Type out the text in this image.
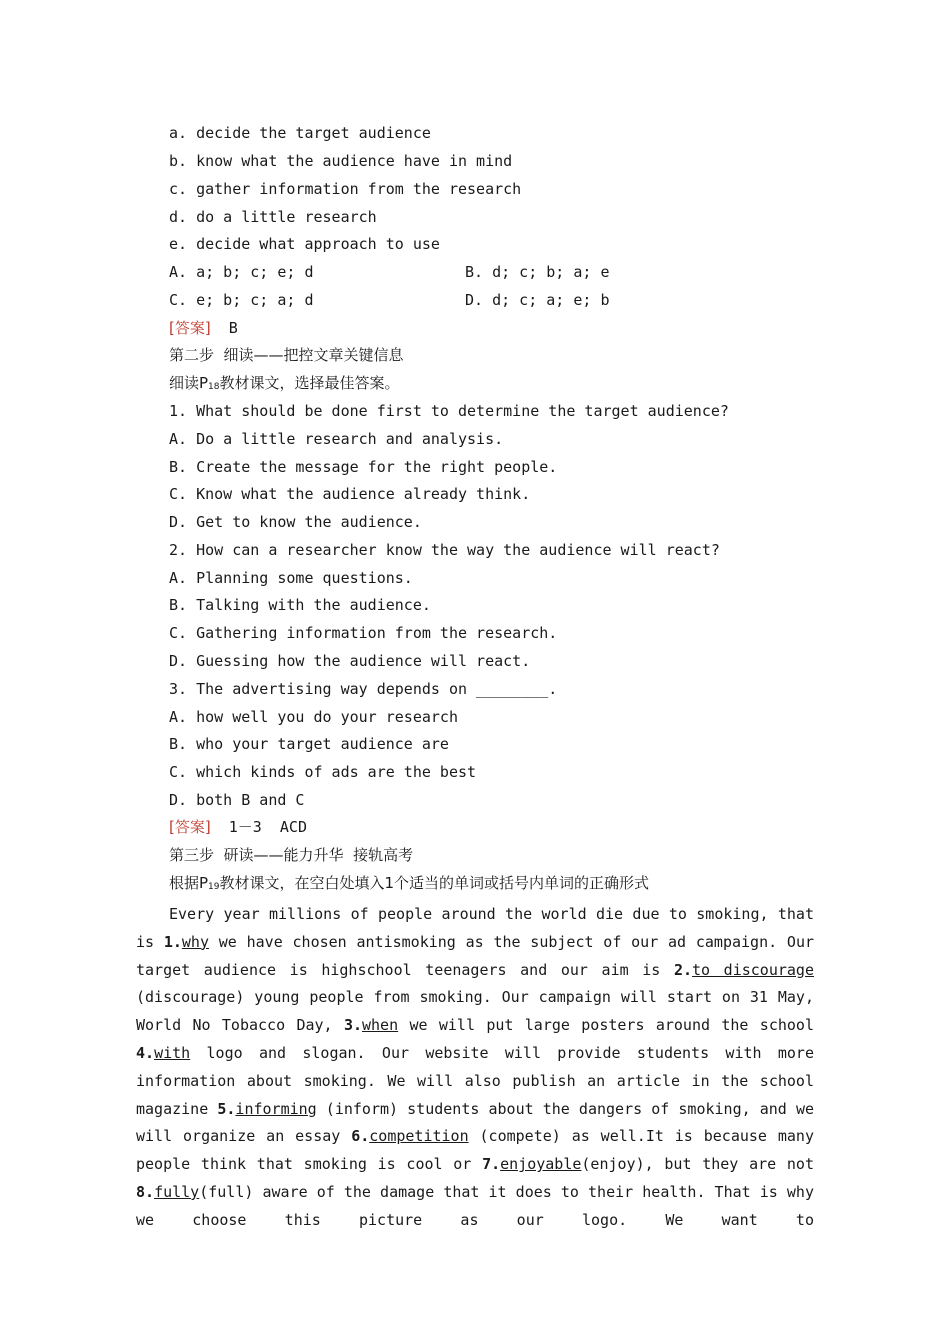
a. decide the target audience
b. know what the audience have in mind
c. gather information from the research
d. do a little research
e. decide what approach to use
A. a; b; c; e; d	B. d; c; b; a; e
C. e; b; c; a; d	D. d; c; a; e; b
[答案] B
第二步  细读——把控文章关键信息
细读$P_{18}$教材课文，选择最佳答案。
1. What should be done first to determine the target audience?
A. Do a little research and analysis.
B. Create the message for the right people.
C. Know what the audience already think.
D. Get to know the audience.
2. How can a researcher know the way the audience will react?
A. Planning some questions.
B. Talking with the audience.
C. Gathering information from the research.
D. Guessing how the audience will react.
3. The advertising way depends on ________.
A. how well you do your research
B. who your target audience are
C. which kinds of ads are the best
D. both B and C
[答案] 1－3  ACD
第三步  研读——能力升华  接轨高考
根据$P_{19}$教材课文，在空白处填入1个适当的单词或括号内单词的正确形式
Every year millions of people around the world die due to smoking, that is 1.why we have chosen antismoking as the subject of our ad campaign. Our target audience is highschool teenagers and our aim is 2.to discourage (discourage) young people from smoking. Our campaign will start on 31 May, World No Tobacco Day, 3.when we will put large posters around the school 4.with logo and slogan. Our website will provide students with more information about smoking. We will also publish an article in the school magazine 5.informing (inform) students about the dangers of smoking, and we will organize an essay 6.competition (compete) as well.It is because many people think that smoking is cool or 7.enjoyable(enjoy), but they are not 8.fully(full) aware of the damage that it does to their health. That is why we choose this picture as our logo. We want to
